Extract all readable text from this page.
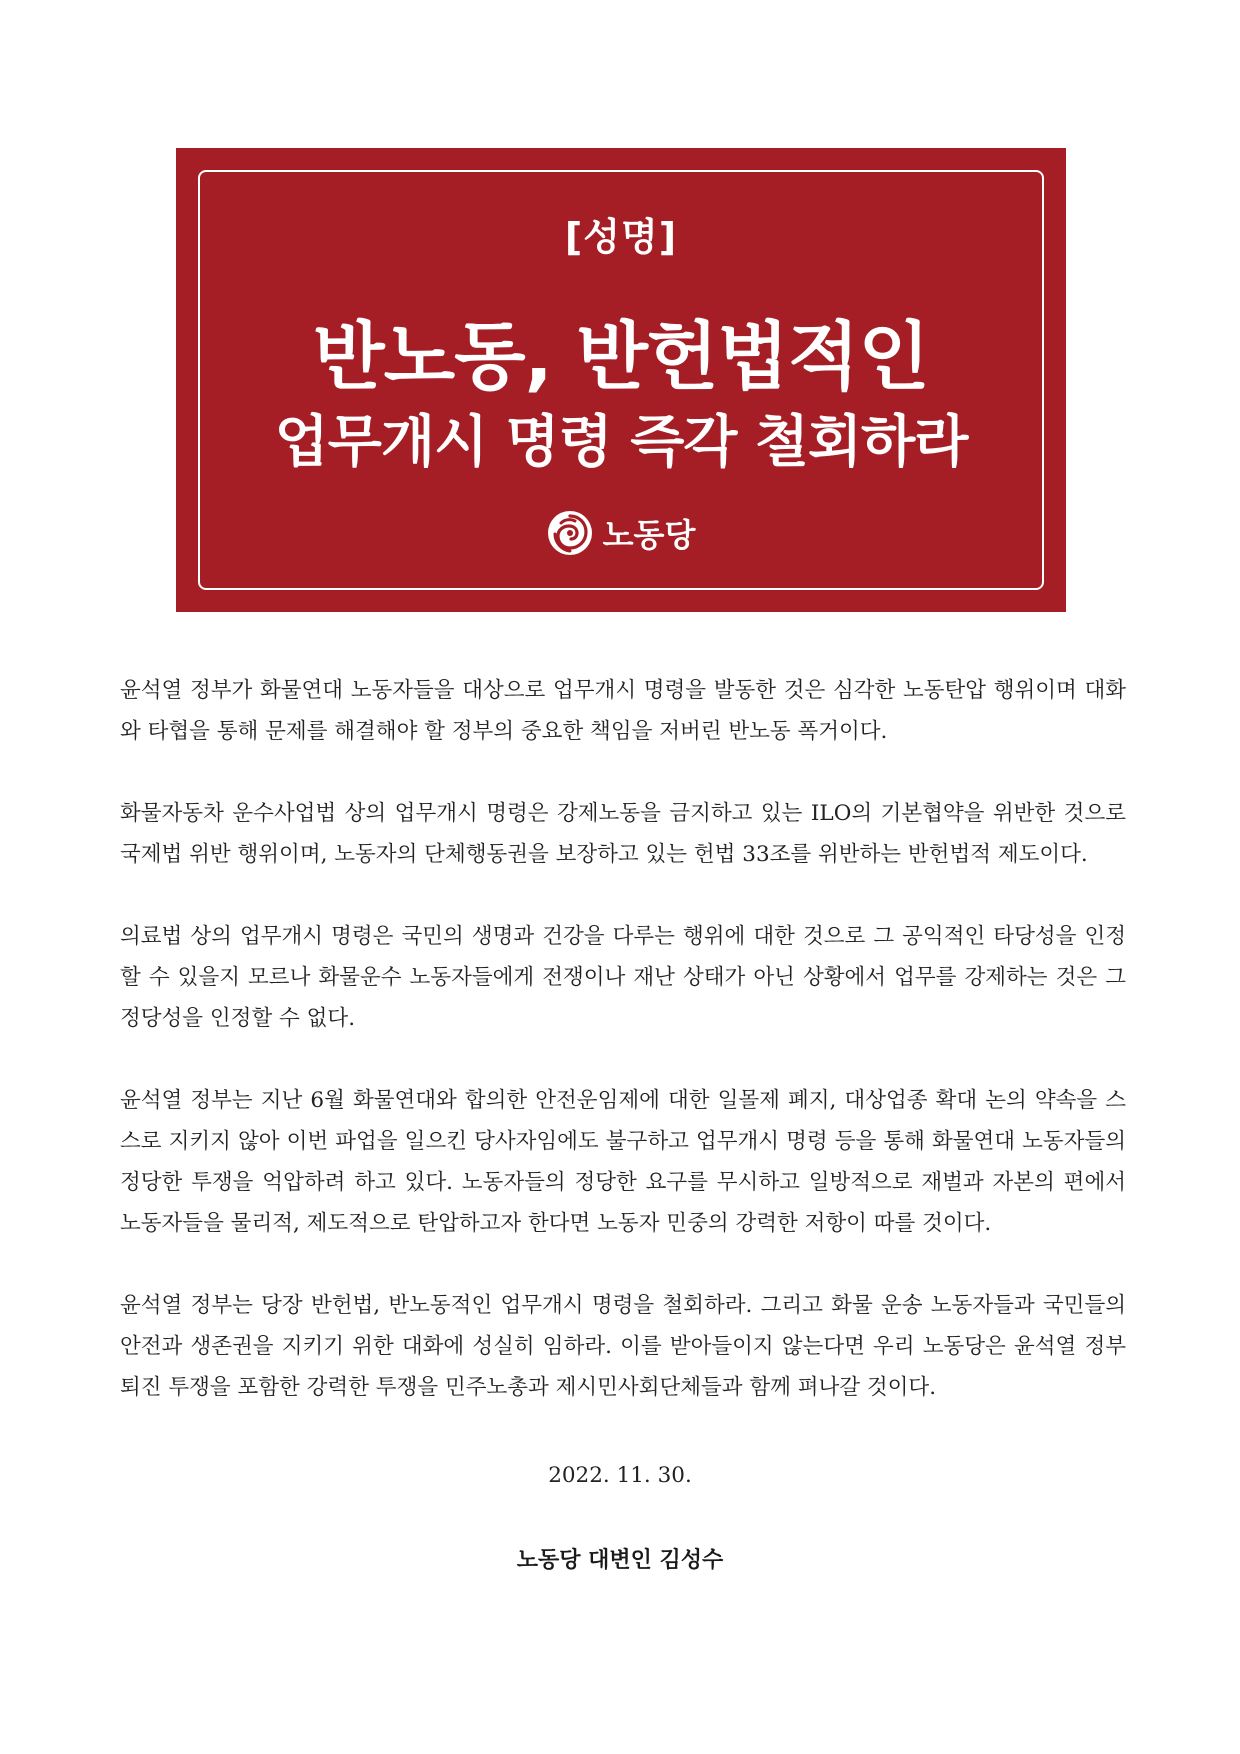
[성명]
반노동, 반헌법적인
업무개시 명령 즉각 철회하라
노동당

윤석열 정부가 화물연대 노동자들을 대상으로 업무개시 명령을 발동한 것은 심각한 노동탄압 행위이며 대화와 타협을 통해 문제를 해결해야 할 정부의 중요한 책임을 저버린 반노동 폭거이다.

화물자동차 운수사업법 상의 업무개시 명령은 강제노동을 금지하고 있는 ILO의 기본협약을 위반한 것으로 국제법 위반 행위이며, 노동자의 단체행동권을 보장하고 있는 헌법 33조를 위반하는 반헌법적 제도이다.

의료법 상의 업무개시 명령은 국민의 생명과 건강을 다루는 행위에 대한 것으로 그 공익적인 타당성을 인정할 수 있을지 모르나 화물운수 노동자들에게 전쟁이나 재난 상태가 아닌 상황에서 업무를 강제하는 것은 그 정당성을 인정할 수 없다.

윤석열 정부는 지난 6월 화물연대와 합의한 안전운임제에 대한 일몰제 폐지, 대상업종 확대 논의 약속을 스스로 지키지 않아 이번 파업을 일으킨 당사자임에도 불구하고 업무개시 명령 등을 통해 화물연대 노동자들의 정당한 투쟁을 억압하려 하고 있다. 노동자들의 정당한 요구를 무시하고 일방적으로 재벌과 자본의 편에서 노동자들을 물리적, 제도적으로 탄압하고자 한다면 노동자 민중의 강력한 저항이 따를 것이다.

윤석열 정부는 당장 반헌법, 반노동적인 업무개시 명령을 철회하라. 그리고 화물 운송 노동자들과 국민들의 안전과 생존권을 지키기 위한 대화에 성실히 임하라. 이를 받아들이지 않는다면 우리 노동당은 윤석열 정부 퇴진 투쟁을 포함한 강력한 투쟁을 민주노총과 제시민사회단체들과 함께 펴나갈 것이다.

2022. 11. 30.
노동당 대변인 김성수
